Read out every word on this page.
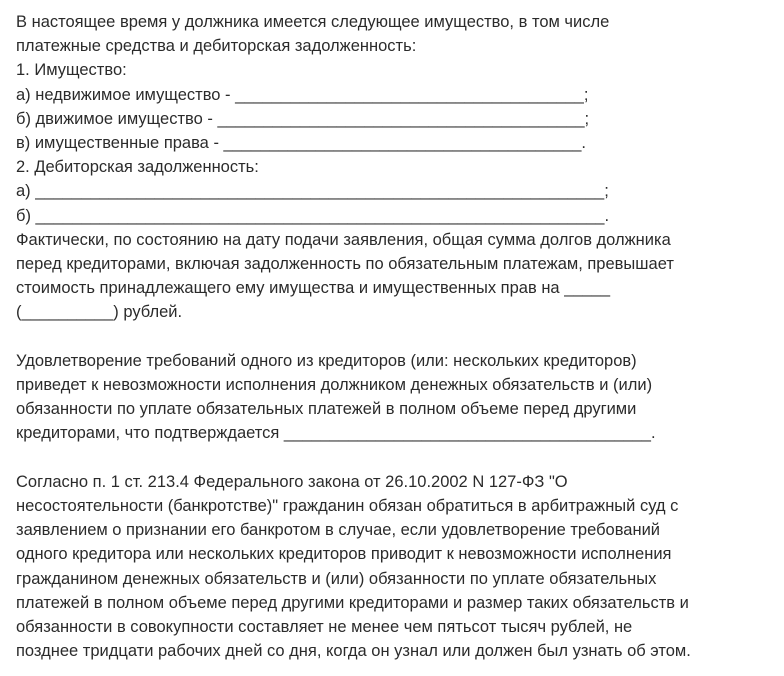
В настоящее время у должника имеется следующее имущество, в том числе
платежные средства и дебиторская задолженность:
1. Имущество:
а) недвижимое имущество - ______________________________________;
б) движимое имущество - ________________________________________;
в) имущественные права - _______________________________________.
2. Дебиторская задолженность:
а) ______________________________________________________________;
б) ______________________________________________________________.
Фактически, по состоянию на дату подачи заявления, общая сумма долгов должника
перед кредиторами, включая задолженность по обязательным платежам, превышает
стоимость принадлежащего ему имущества и имущественных прав на _____
(__________) рублей.
Удовлетворение требований одного из кредиторов (или: нескольких кредиторов)
приведет к невозможности исполнения должником денежных обязательств и (или)
обязанности по уплате обязательных платежей в полном объеме перед другими
кредиторами, что подтверждается ________________________________________.
Согласно п. 1 ст. 213.4 Федерального закона от 26.10.2002 N 127-ФЗ "О
несостоятельности (банкротстве)" гражданин обязан обратиться в арбитражный суд с
заявлением о признании его банкротом в случае, если удовлетворение требований
одного кредитора или нескольких кредиторов приводит к невозможности исполнения
гражданином денежных обязательств и (или) обязанности по уплате обязательных
платежей в полном объеме перед другими кредиторами и размер таких обязательств и
обязанности в совокупности составляет не менее чем пятьсот тысяч рублей, не
позднее тридцати рабочих дней со дня, когда он узнал или должен был узнать об этом.
